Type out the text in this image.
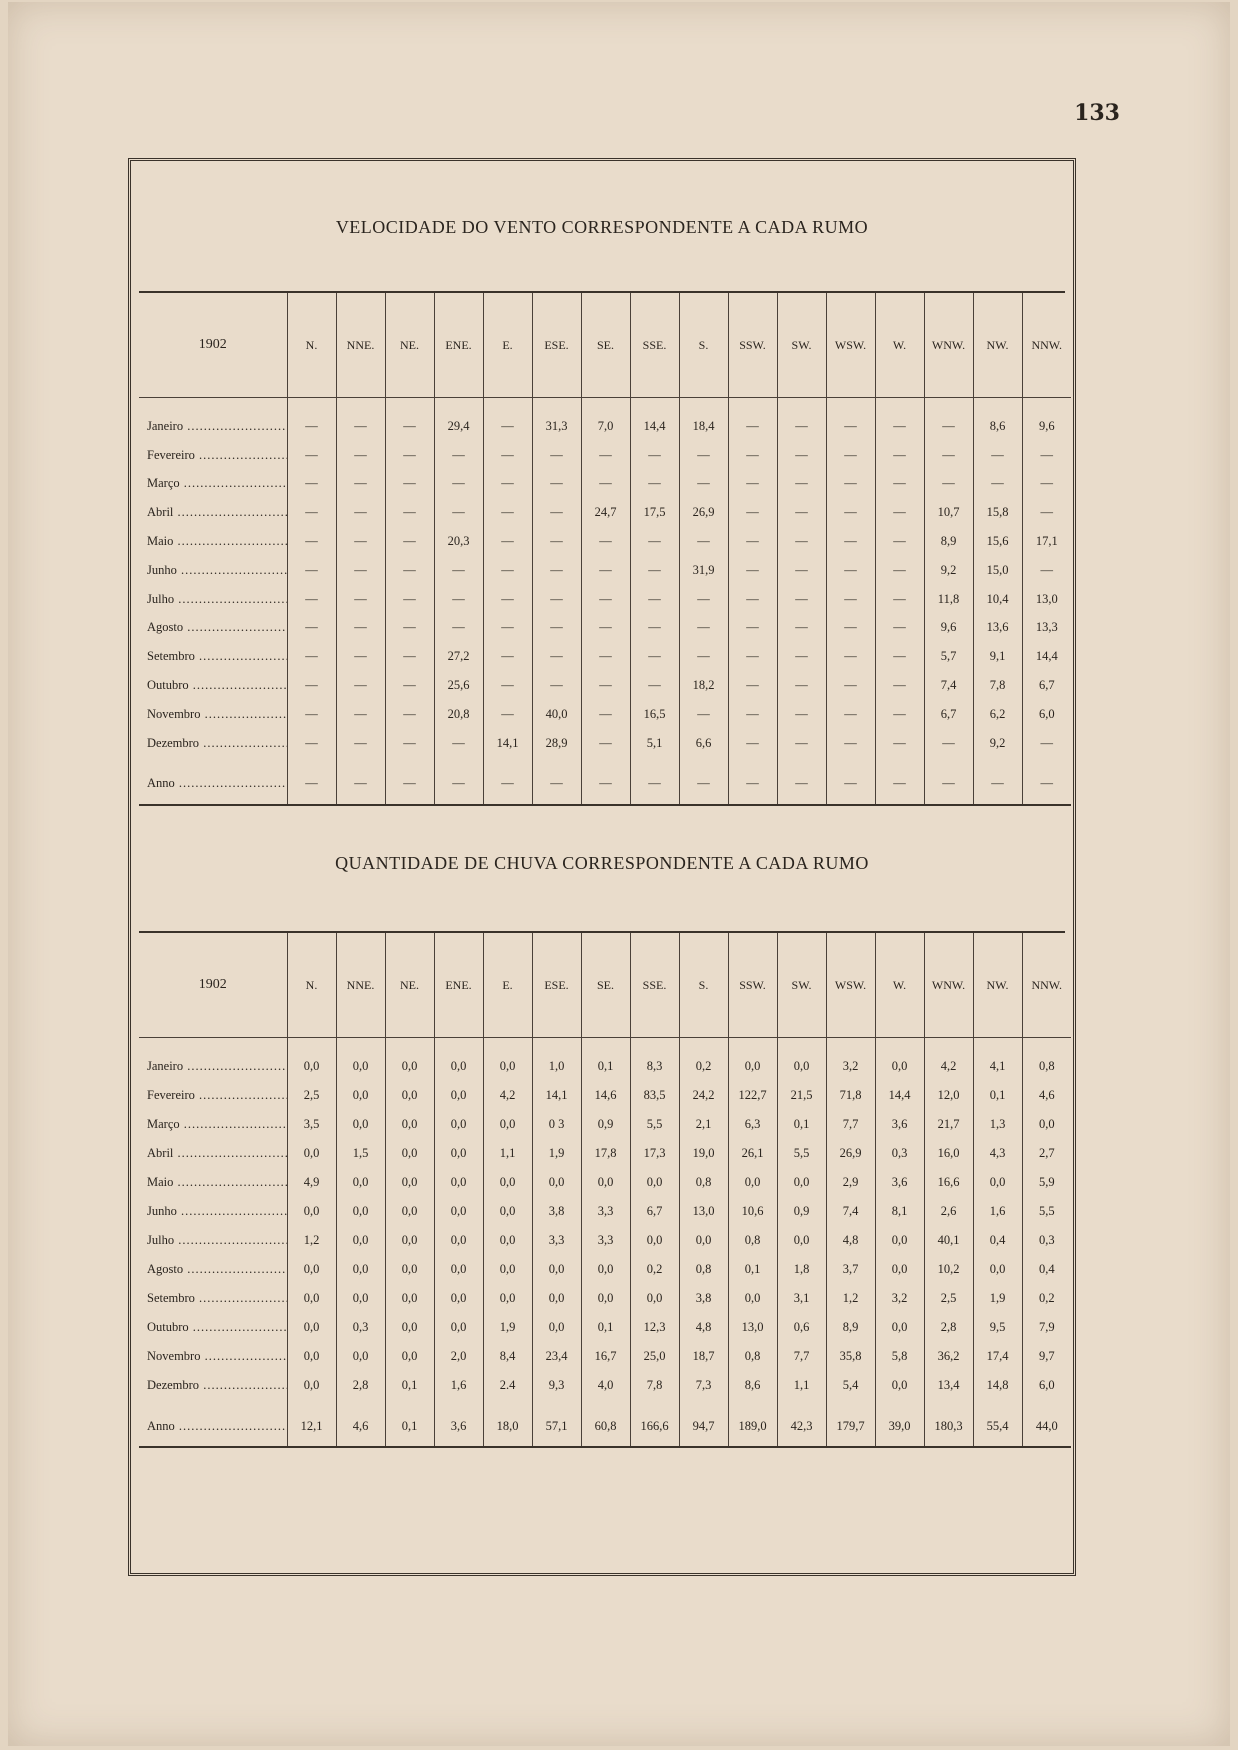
133
VELOCIDADE DO VENTO CORRESPONDENTE A CADA RUMO
1902	N.	NNE.	NE.	ENE.	E.	ESE.	SE.	SSE.	S.	SSW.	SW.	WSW.	W.	WNW.	NW.	NNW.
Janeiro .....	—	—	—	29,4	—	31,3	7,0	14,4	18,4	—	—	—	—	—	8,6	9,6
Fevereiro .....	—	—	—	—	—	—	—	—	—	—	—	—	—	—	—	—
Março .....	—	—	—	—	—	—	—	—	—	—	—	—	—	—	—	—
Abril .....	—	—	—	—	—	—	24,7	17,5	26,9	—	—	—	—	10,7	15,8	—
Maio .....	—	—	—	20,3	—	—	—	—	—	—	—	—	—	8,9	15,6	17,1
Junho .....	—	—	—	—	—	—	—	—	31,9	—	—	—	—	9,2	15,0	—
Julho .....	—	—	—	—	—	—	—	—	—	—	—	—	—	11,8	10,4	13,0
Agosto .....	—	—	—	—	—	—	—	—	—	—	—	—	—	9,6	13,6	13,3
Setembro .....	—	—	—	27,2	—	—	—	—	—	—	—	—	—	5,7	9,1	14,4
Outubro .....	—	—	—	25,6	—	—	—	—	18,2	—	—	—	—	7,4	7,8	6,7
Novembro .....	—	—	—	20,8	—	40,0	—	16,5	—	—	—	—	—	6,7	6,2	6,0
Dezembro .....	—	—	—	—	14,1	28,9	—	5,1	6,6	—	—	—	—	—	9,2	—
Anno .....	—	—	—	—	—	—	—	—	—	—	—	—	—	—	—	—
QUANTIDADE DE CHUVA CORRESPONDENTE A CADA RUMO
1902	N.	NNE.	NE.	ENE.	E.	ESE.	SE.	SSE.	S.	SSW.	SW.	WSW.	W.	WNW.	NW.	NNW.
Janeiro .....	0,0	0,0	0,0	0,0	0,0	1,0	0,1	8,3	0,2	0,0	0,0	3,2	0,0	4,2	4,1	0,8
Fevereiro .....	2,5	0,0	0,0	0,0	4,2	14,1	14,6	83,5	24,2	122,7	21,5	71,8	14,4	12,0	0,1	4,6
Março .....	3,5	0,0	0,0	0,0	0,0	0 3	0,9	5,5	2,1	6,3	0,1	7,7	3,6	21,7	1,3	0,0
Abril .....	0,0	1,5	0,0	0,0	1,1	1,9	17,8	17,3	19,0	26,1	5,5	26,9	0,3	16,0	4,3	2,7
Maio .....	4,9	0,0	0,0	0,0	0,0	0,0	0,0	0,0	0,8	0,0	0,0	2,9	3,6	16,6	0,0	5,9
Junho .....	0,0	0,0	0,0	0,0	0,0	3,8	3,3	6,7	13,0	10,6	0,9	7,4	8,1	2,6	1,6	5,5
Julho .....	1,2	0,0	0,0	0,0	0,0	3,3	3,3	0,0	0,0	0,8	0,0	4,8	0,0	40,1	0,4	0,3
Agosto .....	0,0	0,0	0,0	0,0	0,0	0,0	0,0	0,2	0,8	0,1	1,8	3,7	0,0	10,2	0,0	0,4
Setembro .....	0,0	0,0	0,0	0,0	0,0	0,0	0,0	0,0	3,8	0,0	3,1	1,2	3,2	2,5	1,9	0,2
Outubro .....	0,0	0,3	0,0	0,0	1,9	0,0	0,1	12,3	4,8	13,0	0,6	8,9	0,0	2,8	9,5	7,9
Novembro .....	0,0	0,0	0,0	2,0	8,4	23,4	16,7	25,0	18,7	0,8	7,7	35,8	5,8	36,2	17,4	9,7
Dezembro .....	0,0	2,8	0,1	1,6	2.4	9,3	4,0	7,8	7,3	8,6	1,1	5,4	0,0	13,4	14,8	6,0
Anno .....	12,1	4,6	0,1	3,6	18,0	57,1	60,8	166,6	94,7	189,0	42,3	179,7	39,0	180,3	55,4	44,0
